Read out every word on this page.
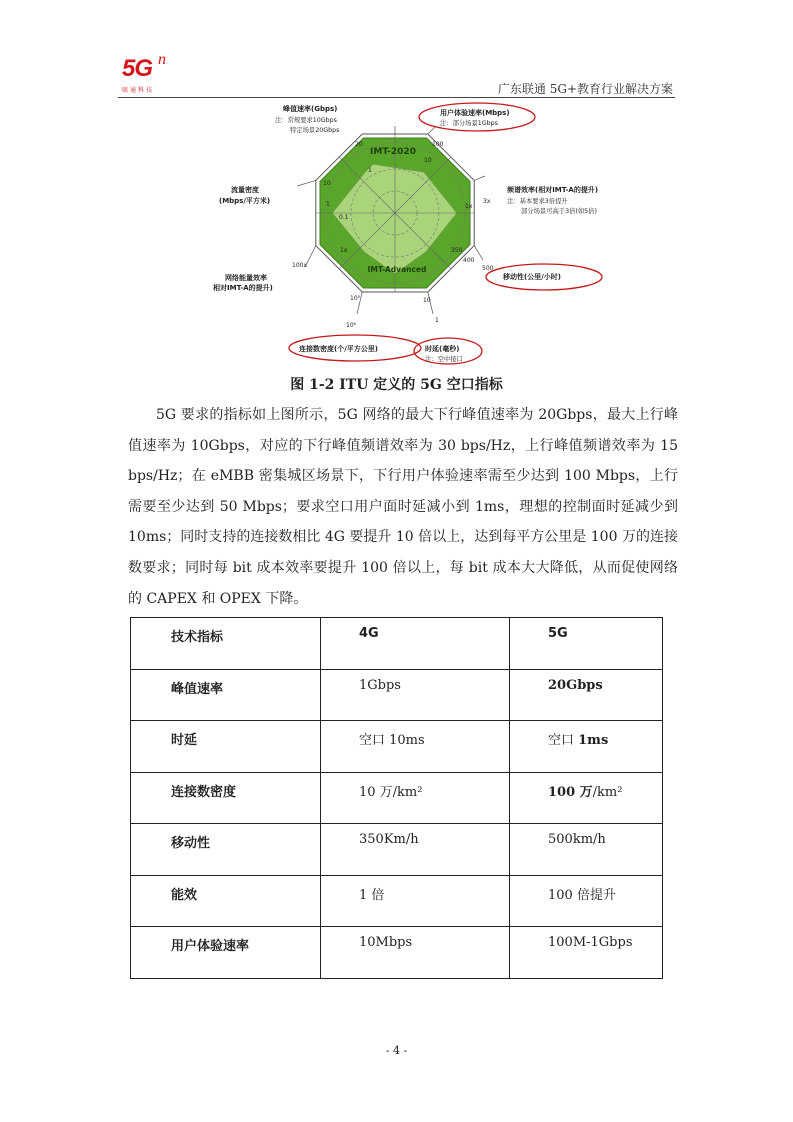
5G n
联通科技	广东联通 5G+教育行业解决方案
IMT-2020
IMT-Advanced
20
1
100
10
3x
1x
500
400
350
1
10
10⁶
10⁵
100x
1x
10
1
0.1
峰值速率(Gbps)
注：常规要求10Gbps
特定场景20Gbps
用户体验速率(Mbps)
注：部分场景1Gbps
频谱效率(相对IMT-A的提升)
注：基本要求3倍提升
部分场景可高于3倍(如5倍)
移动性(公里/小时)
时延(毫秒)
注：空中接口
连接数密度(个/平方公里)
网络能量效率
相对IMT-A的提升)
流量密度
(Mbps/平方米)
图 1-2 ITU 定义的 5G 空口指标

5G 要求的指标如上图所示，5G 网络的最大下行峰值速率为 20Gbps，最大上行峰值速率为 10Gbps，对应的下行峰值频谱效率为 30 bps/Hz，上行峰值频谱效率为 15 bps/Hz；在 eMBB 密集城区场景下，下行用户体验速率需至少达到 100 Mbps，上行需要至少达到 50 Mbps；要求空口用户面时延减小到 1ms，理想的控制面时延减少到 10ms；同时支持的连接数相比 4G 要提升 10 倍以上，达到每平方公里是 100 万的连接数要求；同时每 bit 成本效率要提升 100 倍以上，每 bit 成本大大降低，从而促使网络的 CAPEX 和 OPEX 下降。

技术指标	4G	5G
峰值速率	1Gbps	20Gbps
时延	空口 10ms	空口 1ms
连接数密度	10 万/km²	100 万/km²
移动性	350Km/h	500km/h
能效	1 倍	100 倍提升
用户体验速率	10Mbps	100M-1Gbps
- 4 -
